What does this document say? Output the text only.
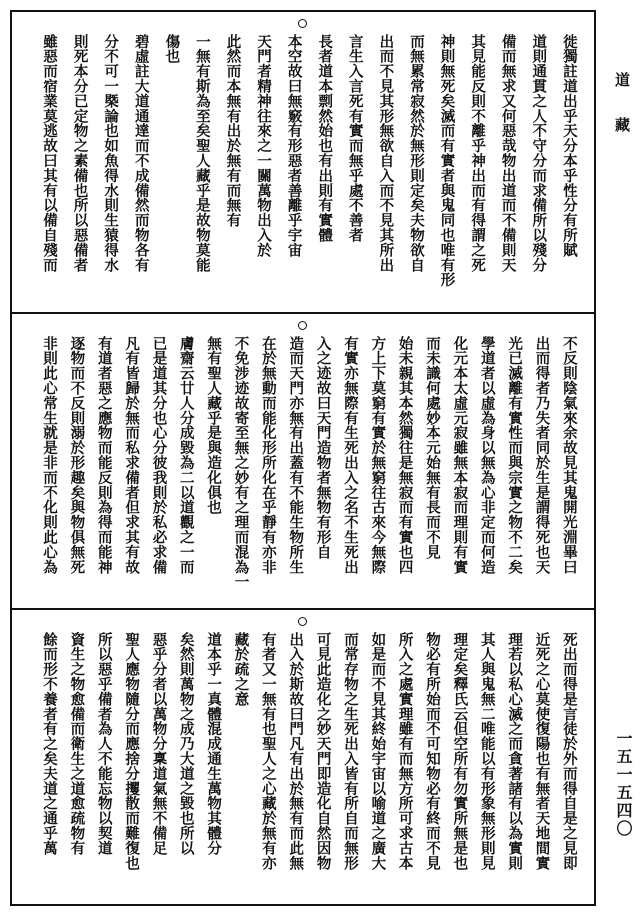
徙獨註道出乎天分本乎性分有所賦
道則通貫之人不守分而求備所以殘分
備而無求又何惡哉物出道而不備則天
其見能反則不離乎神出而有得謂之死
神則無死矣滅而有實者與鬼同也唯有形
而無累常寂然於無形則定矣夫物欲自
出而不見其形無欲自入而不見其所出
言生入言死有實而無乎處不善者
長者道本剽然始也有出則有實體
本空故曰無竅有形惡者善離乎宇宙
天門者精神往來之一關萬物出入於
此然而本無有出於無有而無有
一無有斯為至矣聖人藏乎是故物莫能
傷也
碧虛註大道通達而不成備然而物各有
分不可一槩論也如魚得水則生猿得水
則死本分已定物之素備也所以惡備者
雖惡而宿業莫逃故曰其有以備自殘而
不反則陰氣來余故見其鬼開光淵畢曰
出而得者乃失者同於生是謂得死也天
光已滅離有實性而與宗實之物不二矣
學道者以虛為身以無為心非定而何造
化元本太虛元寂雖無本寂而理則有實
而未識何處妙本元始無有長而不見
始未親其本然獨往是無寂而有實也四
方上下莫窮有實於無窮往古來今無際
有實亦無際有生死出入之名不生死出
入之迹故曰天門造物者無物有形自
造而天門亦無有出蓋有不能生物所生
在於無動而能化形所化在乎靜有亦非
不免涉迹故寄至無之妙有之理而混為一
無有聖人藏乎是與造化俱也
膚齋云廿人分成毀為二以道觀之一而
已是道其分也心分彼我則於私必求備
凡有皆歸於無而私求備者但求其有故
有道者惡之應物而能反則為得而能神
逐物而不反則溺於形趣矣與物俱無死
非則此心常生就是非而不化則此心為
死出而得是言徒於外而得自是之見即
近死之心莫使復陽也有無者天地間實
理若以私心滅之而貪著諸有以為實則
其人與鬼無二唯能以有形象無形則見
理定矣釋氏云但空所有勿實所無是也
物必有所始而不可知物必有終而不見
所入之處實理雖有而無方所可求古本
如是而不見其終始宇宙以喻道之廣大
而常存物之生死出入皆有所自而無形
可見此造化之妙天門即造化自然因物
出入於斯故曰門凡有出於無有而此無
有者又一無有也聖人之心藏於無有亦
藏於疏之意
道本乎一真體混成通生萬物其體分
矣然則萬物之成乃大道之毀也所以
惡乎分者以萬物分稟道氣無不備足
聖人應物隨分而應捨分攫散而難復也
所以惡乎備者為人不能忘物以契道
資生之物愈備而衛生之道愈疏物有
餘而形不養者有之矣夫道之通乎萬
道藏
一五一五四〇
